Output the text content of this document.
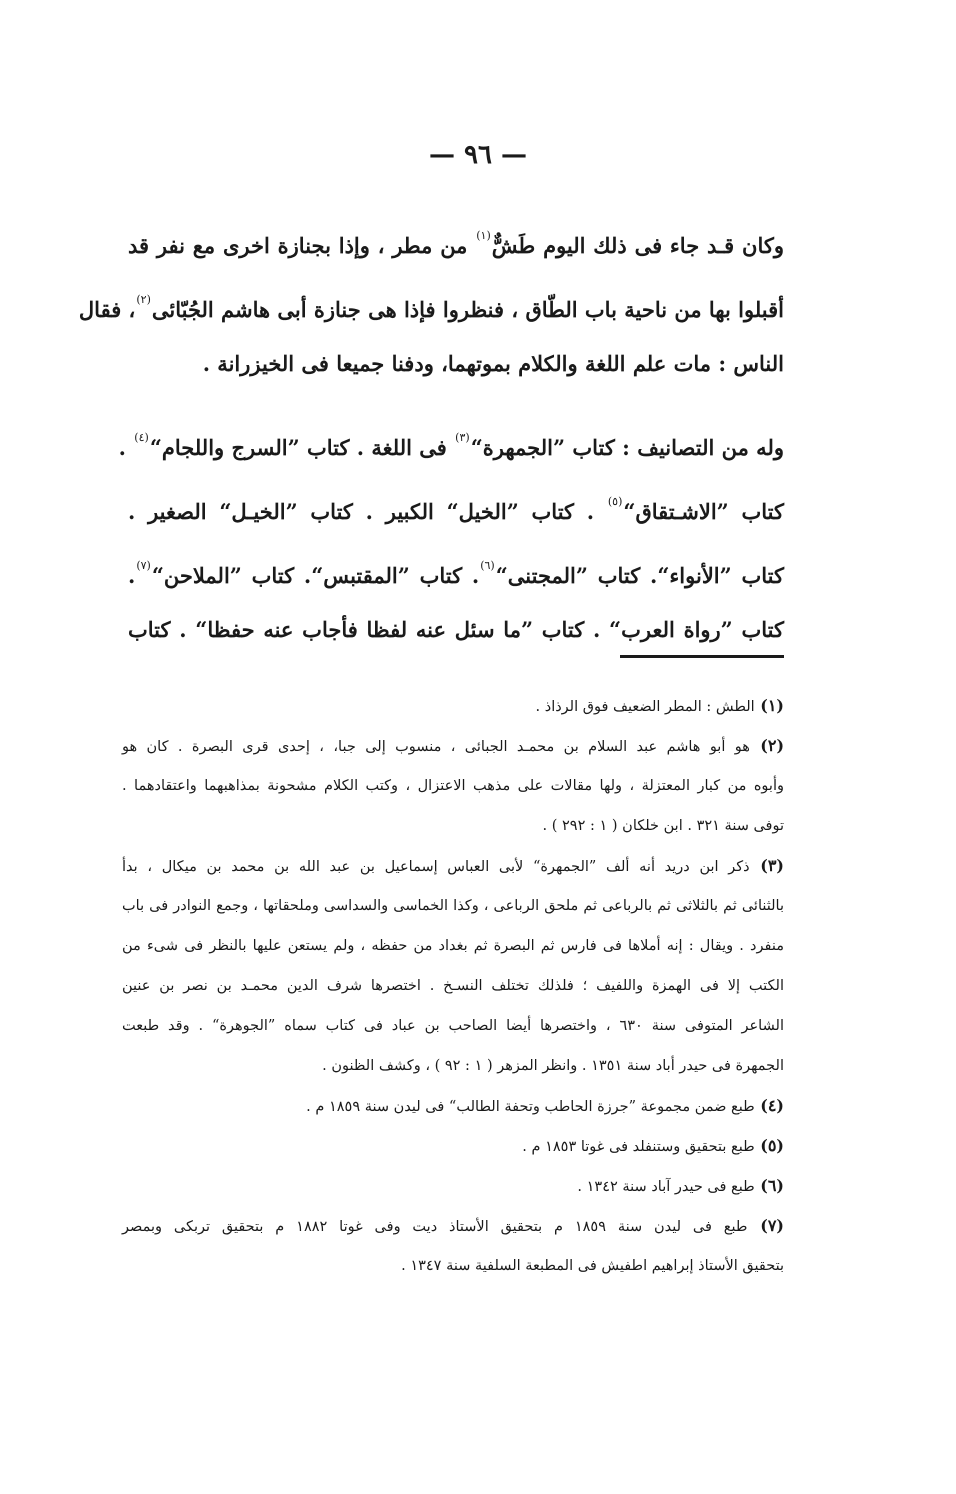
— ٩٦ —
وكان قـد جاء فى ذلك اليوم طَشٌّ$^{(١)}$ من مطر ، وإذا بجنازة اخرى مع نفر قد
أقبلوا بها من ناحية باب الطّاق ، فنظروا فإذا هى جنازة أبى هاشم الجُبّائى$^{(٢)}$، فقال
الناس : مات علم اللغة والكلام بموتهما، ودفنا جميعا فى الخيزرانة .
وله من التصانيف : كتاب ”الجمهرة“$^{(٣)}$ فى اللغة . كتاب ”السرج واللجام“$^{(٤)}$ .
كتاب ”الاشـتقاق“$^{(٥)}$ . كتاب ”الخيل“ الكبير . كتاب ”الخيـل“ الصغير .
كتاب ”الأنواء“. كتاب ”المجتنى“$^{(٦)}$. كتاب ”المقتبس“. كتاب ”الملاحن“$^{(٧)}$.
كتاب ”رواة العرب“ . كتاب ”ما سئل عنه لفظا فأجاب عنه حفظا“ . كتاب
(١) الطش : المطر الضعيف فوق الرذاذ .
(٢) هو أبو هاشم عبد السلام بن محمـد الجبائى ، منسوب إلى جبا، ، إحدى قرى البصرة . كان هو
وأبوه من كبار المعتزلة ، ولها مقالات على مذهب الاعتزال ، وكتب الكلام مشحونة بمذاهبهما واعتقادهما .
توفى سنة ٣٢١ . ابن خلكان ( ١ : ٢٩٢ ) .
(٣) ذكر ابن دريد أنه ألف ”الجمهرة“ لأبى العباس إسماعيل بن عبد الله بن محمد بن ميكال ، بدأ
بالثنائى ثم بالثلاثى ثم بالرباعى ثم ملحق الرباعى ، وكذا الخماسى والسداسى وملحقاتها ، وجمع النوادر فى باب
منفرد . ويقال : إنه أملاها فى فارس ثم البصرة ثم بغداد من حفظه ، ولم يستعن عليها بالنظر فى شىء من
الكتب إلا فى الهمزة واللفيف ؛ فلذلك تختلف النسـخ . اختصرها شرف الدين محمـد بن نصر بن عنين
الشاعر المتوفى سنة ٦٣٠ ، واختصرها أيضا الصاحب بن عباد فى كتاب سماه ”الجوهرة“ . وقد طبعت
الجمهرة فى حيدر أباد سنة ١٣٥١ . وانظر المزهر ( ١ : ٩٢ ) ، وكشف الظنون .
(٤) طبع ضمن مجموعة ”جرزة الحاطب وتحفة الطالب“ فى ليدن سنة ١٨٥٩ م .
(٥) طبع بتحقيق وستنفلد فى غوتا ١٨٥٣ م .
(٦) طبع فى حيدر آباد سنة ١٣٤٢ .
(٧) طبع فى ليدن سنة ١٨٥٩ م بتحقيق الأستاذ ديت وفى غوتا ١٨٨٢ م بتحقيق تربكى وبمصر
بتحقيق الأستاذ إبراهيم اطفيش فى المطبعة السلفية سنة ١٣٤٧ .
